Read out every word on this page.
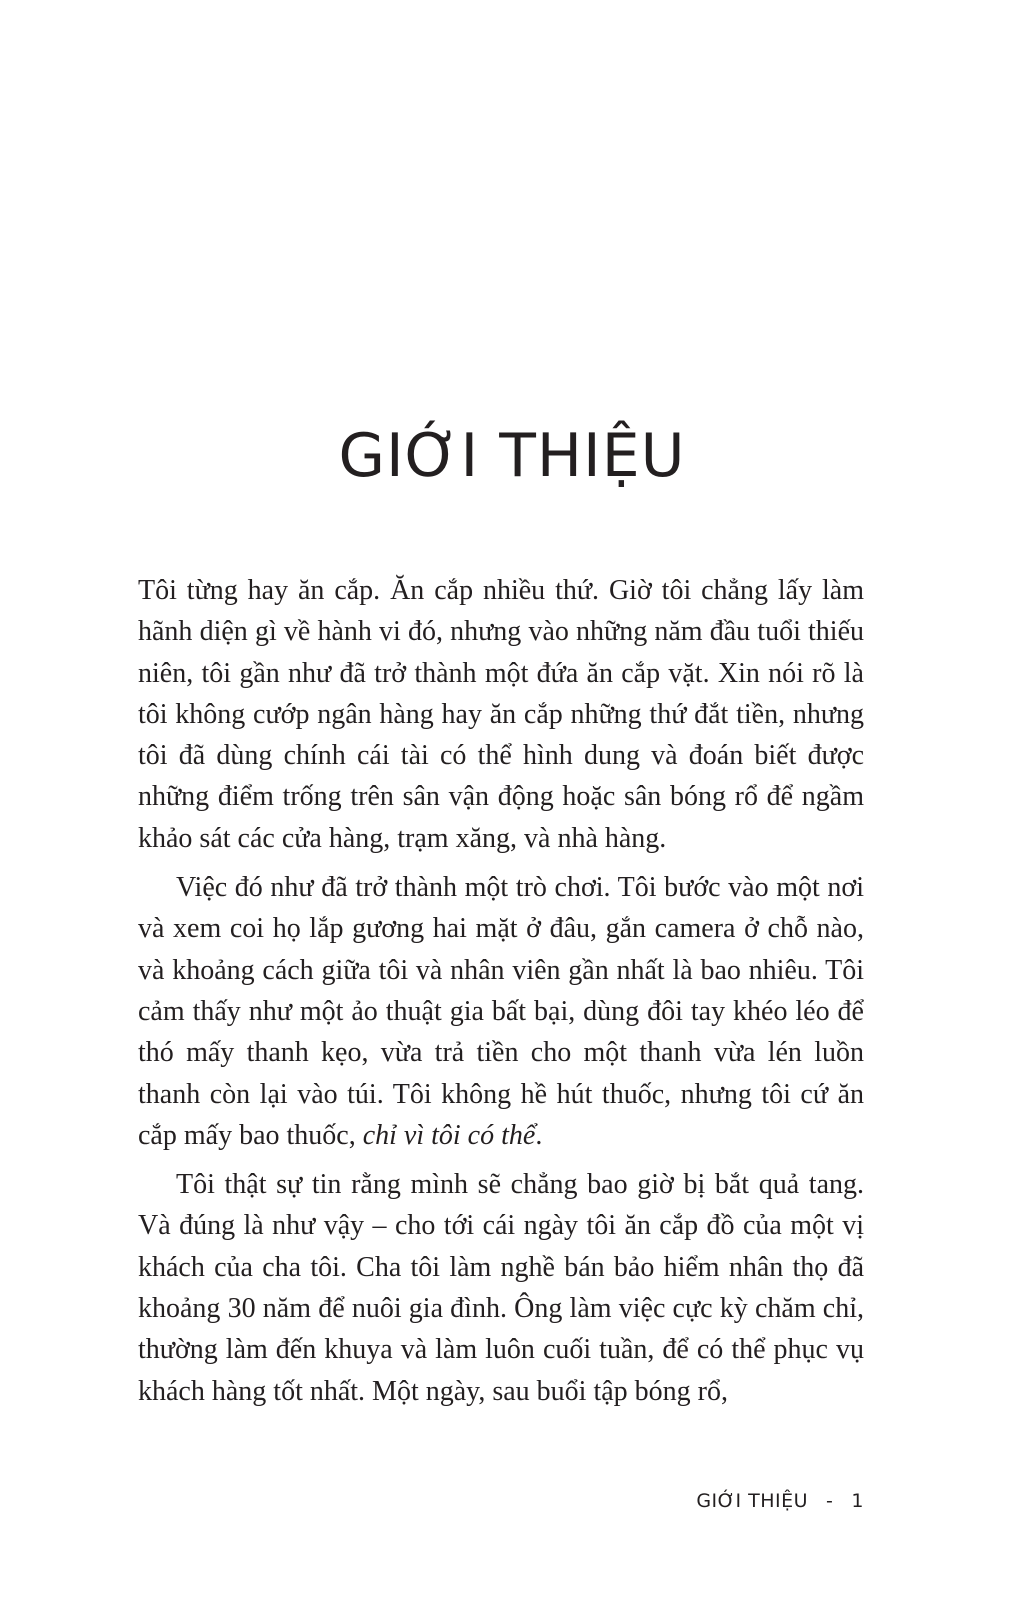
GIỚI THIỆU

Tôi từng hay ăn cắp. Ăn cắp nhiều thứ. Giờ tôi chẳng lấy làm hãnh diện gì về hành vi đó, nhưng vào những năm đầu tuổi thiếu niên, tôi gần như đã trở thành một đứa ăn cắp vặt. Xin nói rõ là tôi không cướp ngân hàng hay ăn cắp những thứ đắt tiền, nhưng tôi đã dùng chính cái tài có thể hình dung và đoán biết được những điểm trống trên sân vận động hoặc sân bóng rổ để ngầm khảo sát các cửa hàng, trạm xăng, và nhà hàng.

Việc đó như đã trở thành một trò chơi. Tôi bước vào một nơi và xem coi họ lắp gương hai mặt ở đâu, gắn camera ở chỗ nào, và khoảng cách giữa tôi và nhân viên gần nhất là bao nhiêu. Tôi cảm thấy như một ảo thuật gia bất bại, dùng đôi tay khéo léo để thó mấy thanh kẹo, vừa trả tiền cho một thanh vừa lén luồn thanh còn lại vào túi. Tôi không hề hút thuốc, nhưng tôi cứ ăn cắp mấy bao thuốc, chỉ vì tôi có thể.

Tôi thật sự tin rằng mình sẽ chẳng bao giờ bị bắt quả tang. Và đúng là như vậy – cho tới cái ngày tôi ăn cắp đồ của một vị khách của cha tôi. Cha tôi làm nghề bán bảo hiểm nhân thọ đã khoảng 30 năm để nuôi gia đình. Ông làm việc cực kỳ chăm chỉ, thường làm đến khuya và làm luôn cuối tuần, để có thể phục vụ khách hàng tốt nhất. Một ngày, sau buổi tập bóng rổ,

GIỚI THIỆU - 1
